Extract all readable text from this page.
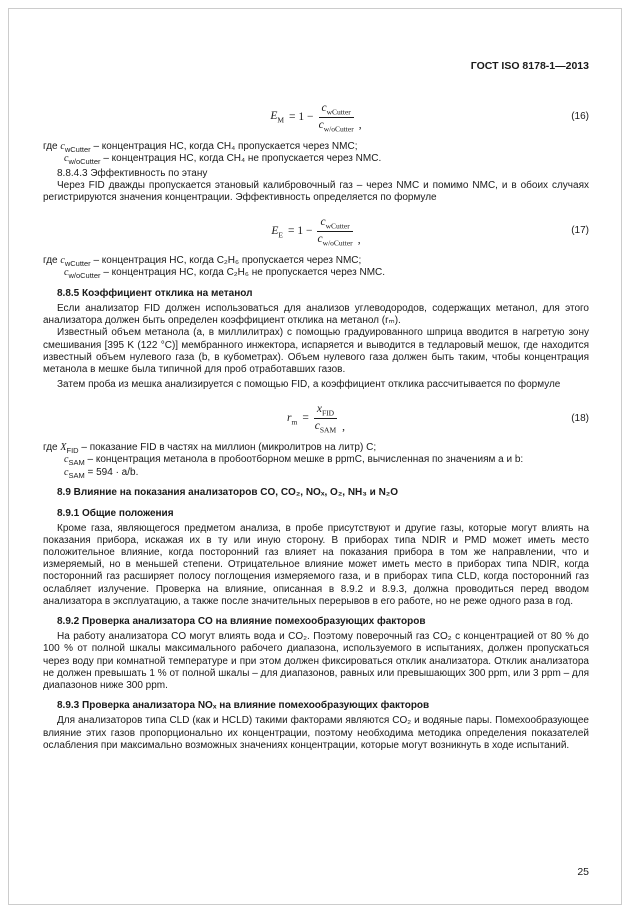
ГОСТ ISO 8178-1—2013
$E_M = 1 - \frac{c_{wCutter}}{c_{w/oCutter}}$ ,
(16)

где $c_{wCutter}$ – концентрация HC, когда CH₄ пропускается через NMC;

$c_{w/oCutter}$ – концентрация HC, когда CH₄ не пропускается через NMC.

8.8.4.3 Эффективность по этану

Через FID дважды пропускается этановый калибровочный газ – через NMC и помимо NMC, и в обоих случаях регистрируются значения концентрации. Эффективность определяется по формуле

$E_E = 1 - \frac{c_{wCutter}}{c_{w/oCutter}}$ ,
(17)

где $c_{wCutter}$ – концентрация HC, когда C₂H₆ пропускается через NMC;

$c_{w/oCutter}$ – концентрация HC, когда C₂H₆ не пропускается через NMC.

8.8.5 Коэффициент отклика на метанол

Если анализатор FID должен использоваться для анализов углеводородов, содержащих метанол, для этого анализатора должен быть определен коэффициент отклика на метанол (rₘ).

Известный объем метанола (a, в миллилитрах) с помощью градуированного шприца вводится в нагретую зону смешивания [395 K (122 °C)] мембранного инжектора, испаряется и выводится в тедларовый мешок, где находится известный объем нулевого газа (b, в кубометрах). Объем нулевого газа должен быть таким, чтобы концентрация метанола в мешке была типичной для проб отработавших газов.

Затем проба из мешка анализируется с помощью FID, а коэффициент отклика рассчитывается по формуле

$r_m = \frac{x_{FID}}{c_{SAM}}$ ,
(18)

где $X_{FID}$ – показание FID в частях на миллион (микролитров на литр) C;

$c_{SAM}$ – концентрация метанола в пробоотборном мешке в ppmC, вычисленная по значениям a и b:

$c_{SAM} = 594 \cdot a/b$.

8.9 Влияние на показания анализаторов CO, CO₂, NOₓ, O₂, NH₃ и N₂O

8.9.1 Общие положения

Кроме газа, являющегося предметом анализа, в пробе присутствуют и другие газы, которые могут влиять на показания прибора, искажая их в ту или иную сторону. В приборах типа NDIR и PMD может иметь место положительное влияние, когда посторонний газ влияет на показания прибора в том же направлении, что и измеряемый, но в меньшей степени. Отрицательное влияние может иметь место в приборах типа NDIR, когда посторонний газ расширяет полосу поглощения измеряемого газа, и в приборах типа CLD, когда посторонний газ ослабляет излучение. Проверка на влияние, описанная в 8.9.2 и 8.9.3, должна проводиться перед вводом анализатора в эксплуатацию, а также после значительных перерывов в его работе, но не реже одного раза в год.

8.9.2 Проверка анализатора CO на влияние помехообразующих факторов

На работу анализатора CO могут влиять вода и CO₂. Поэтому поверочный газ CO₂ с концентрацией от 80 % до 100 % от полной шкалы максимального рабочего диапазона, используемого в испытаниях, должен пропускаться через воду при комнатной температуре и при этом должен фиксироваться отклик анализатора. Отклик анализатора не должен превышать 1 % от полной шкалы – для диапазонов, равных или превышающих 300 ppm, или 3 ppm – для диапазонов ниже 300 ppm.

8.9.3 Проверка анализатора NOₓ на влияние помехообразующих факторов

Для анализаторов типа CLD (как и HCLD) такими факторами являются CO₂ и водяные пары. Помехообразующее влияние этих газов пропорционально их концентрации, поэтому необходима методика определения показателей ослабления при максимально возможных значениях концентрации, которые могут возникнуть в ходе испытаний.

25
